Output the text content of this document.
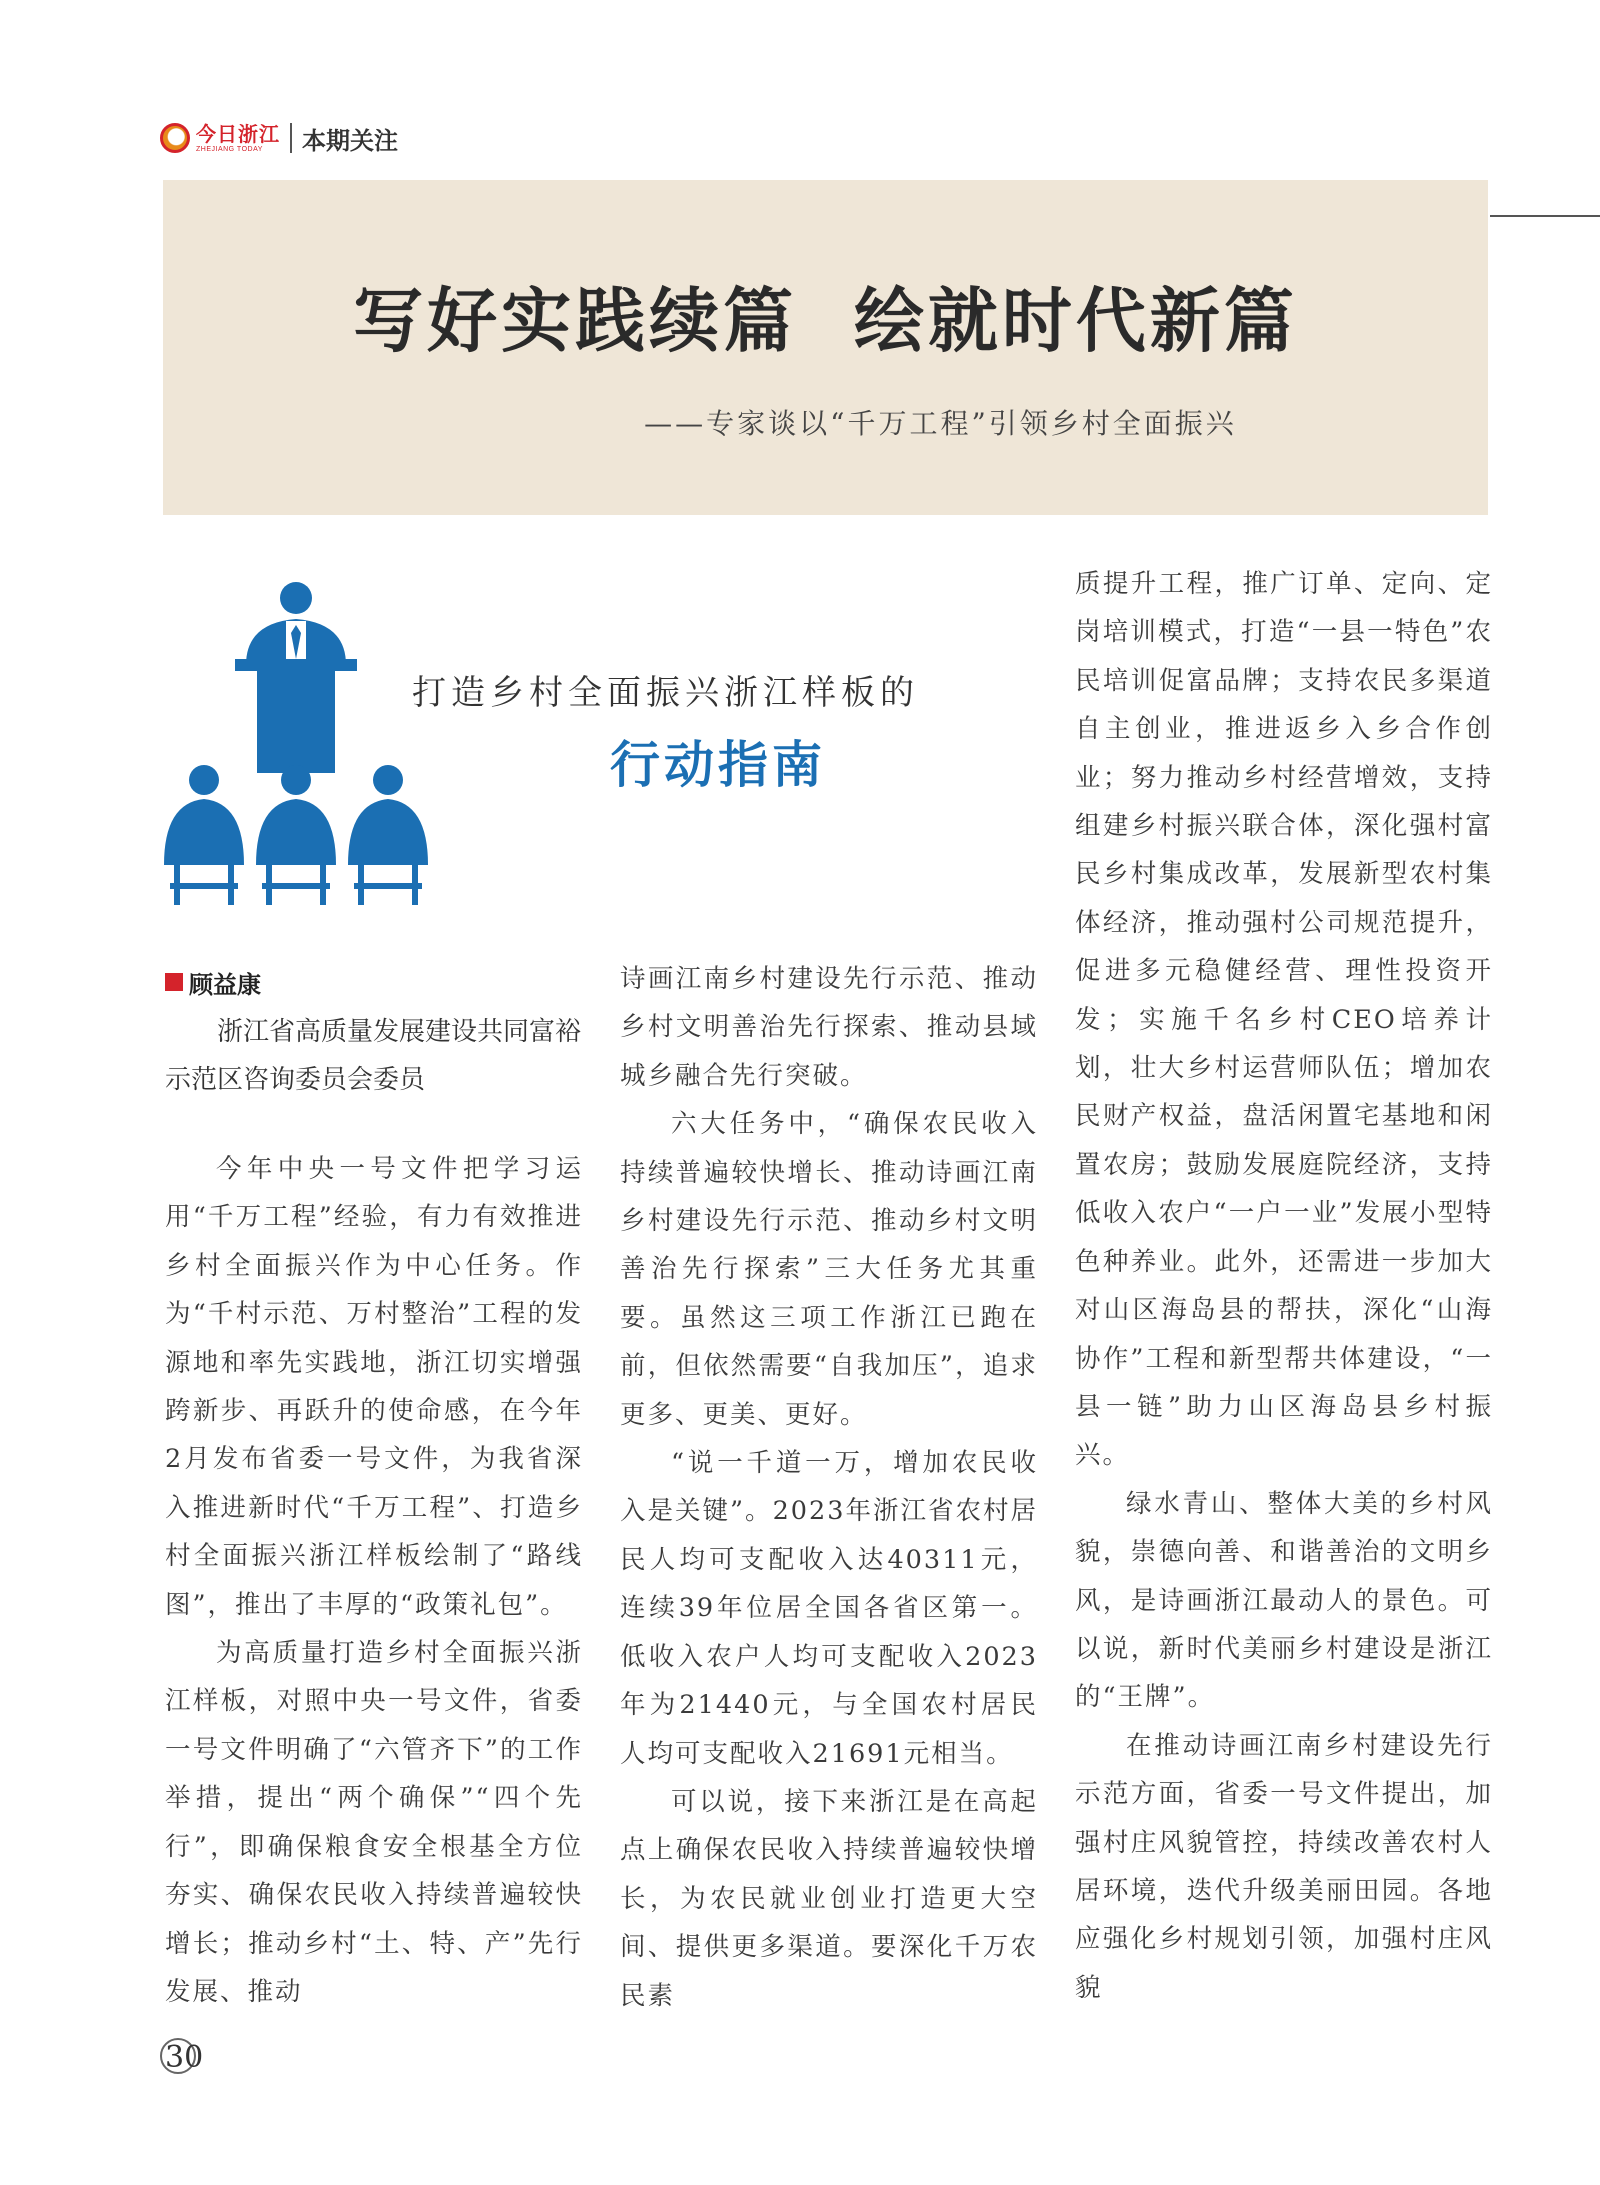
今日浙江
ZHEJIANG TODAY	本期关注
写好实践续篇  绘就时代新篇
——专家谈以“千万工程”引领乡村全面振兴
打造乡村全面振兴浙江样板的
行动指南
顾益康
浙江省高质量发展建设共同富裕示范区咨询委员会委员

今年中央一号文件把学习运用“千万工程”经验，有力有效推进乡村全面振兴作为中心任务。作为“千村示范、万村整治”工程的发源地和率先实践地，浙江切实增强跨新步、再跃升的使命感，在今年2月发布省委一号文件，为我省深入推进新时代“千万工程”、打造乡村全面振兴浙江样板绘制了“路线图”，推出了丰厚的“政策礼包”。

为高质量打造乡村全面振兴浙江样板，对照中央一号文件，省委一号文件明确了“六管齐下”的工作举措，提出“两个确保”“四个先行”，即确保粮食安全根基全方位夯实、确保农民收入持续普遍较快增长；推动乡村“土、特、产”先行发展、推动

诗画江南乡村建设先行示范、推动乡村文明善治先行探索、推动县域城乡融合先行突破。

六大任务中，“确保农民收入持续普遍较快增长、推动诗画江南乡村建设先行示范、推动乡村文明善治先行探索”三大任务尤其重要。虽然这三项工作浙江已跑在前，但依然需要“自我加压”，追求更多、更美、更好。

“说一千道一万，增加农民收入是关键”。2023年浙江省农村居民人均可支配收入达40311元，连续39年位居全国各省区第一。低收入农户人均可支配收入2023年为21440元，与全国农村居民人均可支配收入21691元相当。

可以说，接下来浙江是在高起点上确保农民收入持续普遍较快增长，为农民就业创业打造更大空间、提供更多渠道。要深化千万农民素

质提升工程，推广订单、定向、定岗培训模式，打造“一县一特色”农民培训促富品牌；支持农民多渠道自主创业，推进返乡入乡合作创业；努力推动乡村经营增效，支持组建乡村振兴联合体，深化强村富民乡村集成改革，发展新型农村集体经济，推动强村公司规范提升，促进多元稳健经营、理性投资开发；实施千名乡村CEO培养计划，壮大乡村运营师队伍；增加农民财产权益，盘活闲置宅基地和闲置农房；鼓励发展庭院经济，支持低收入农户“一户一业”发展小型特色种养业。此外，还需进一步加大对山区海岛县的帮扶，深化“山海协作”工程和新型帮共体建设，“一县一链”助力山区海岛县乡村振兴。

绿水青山、整体大美的乡村风貌，崇德向善、和谐善治的文明乡风，是诗画浙江最动人的景色。可以说，新时代美丽乡村建设是浙江的“王牌”。

在推动诗画江南乡村建设先行示范方面，省委一号文件提出，加强村庄风貌管控，持续改善农村人居环境，迭代升级美丽田园。各地应强化乡村规划引领，加强村庄风貌

30
